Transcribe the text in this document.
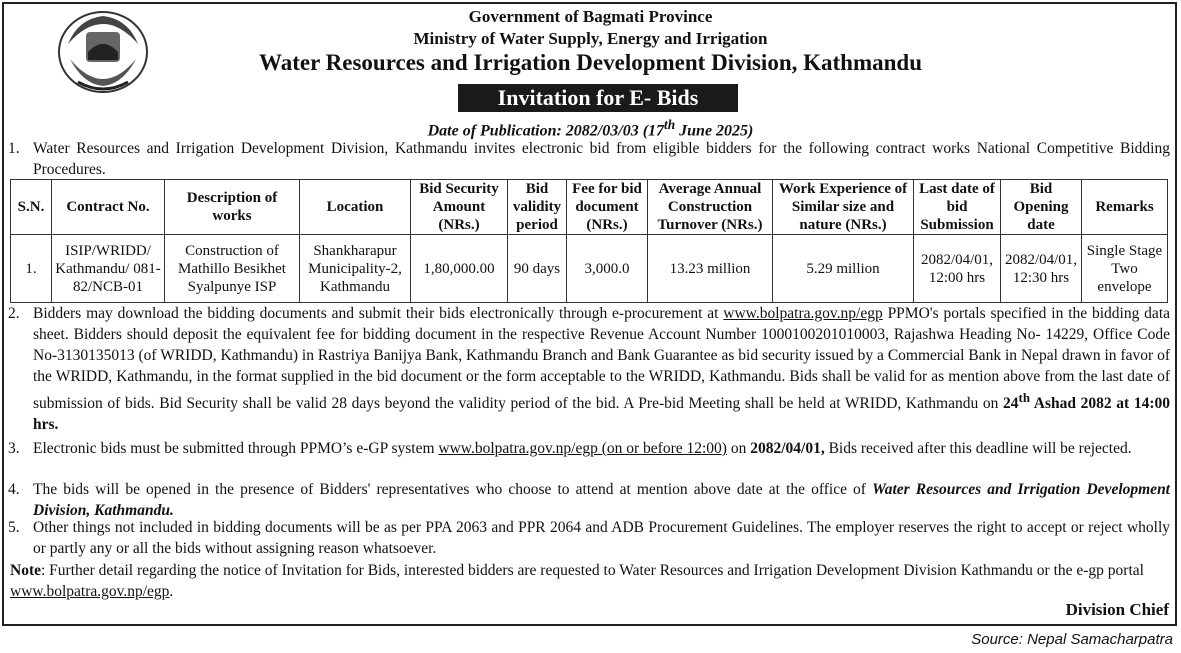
Government of Bagmati Province
Ministry of Water Supply, Energy and Irrigation
Water Resources and Irrigation Development Division, Kathmandu
Invitation for E- Bids
Date of Publication: 2082/03/03 (17th June 2025)
1. Water Resources and Irrigation Development Division, Kathmandu invites electronic bid from eligible bidders for the following contract works National Competitive Bidding Procedures.
S.N.	Contract No.	Description of works	Location	Bid Security Amount (NRs.)	Bid validity period	Fee for bid document (NRs.)	Average Annual Construction Turnover (NRs.)	Work Experience of Similar size and nature (NRs.)	Last date of bid Submission	Bid Opening date	Remarks
1.	ISIP/WRIDD/ Kathmandu/ 081-82/NCB-01	Construction of Mathillo Besikhet Syalpunye ISP	Shankharapur Municipality-2, Kathmandu	1,80,000.00	90 days	3,000.0	13.23 million	5.29 million	2082/04/01, 12:00 hrs	2082/04/01, 12:30 hrs	Single Stage Two envelope
2. Bidders may download the bidding documents and submit their bids electronically through e-procurement at www.bolpatra.gov.np/egp PPMO's portals specified in the bidding data sheet. Bidders should deposit the equivalent fee for bidding document in the respective Revenue Account Number 1000100201010003, Rajashwa Heading No- 14229, Office Code No-3130135013 (of WRIDD, Kathmandu) in Rastriya Banijya Bank, Kathmandu Branch and Bank Guarantee as bid security issued by a Commercial Bank in Nepal drawn in favor of the WRIDD, Kathmandu, in the format supplied in the bid document or the form acceptable to the WRIDD, Kathmandu. Bids shall be valid for as mention above from the last date of submission of bids. Bid Security shall be valid 28 days beyond the validity period of the bid. A Pre-bid Meeting shall be held at WRIDD, Kathmandu on 24th Ashad 2082 at 14:00 hrs.
3. Electronic bids must be submitted through PPMO’s e-GP system www.bolpatra.gov.np/egp (on or before 12:00) on 2082/04/01, Bids received after this deadline will be rejected.
4. The bids will be opened in the presence of Bidders' representatives who choose to attend at mention above date at the office of Water Resources and Irrigation Development Division, Kathmandu.
5. Other things not included in bidding documents will be as per PPA 2063 and PPR 2064 and ADB Procurement Guidelines. The employer reserves the right to accept or reject wholly or partly any or all the bids without assigning reason whatsoever.
Note: Further detail regarding the notice of Invitation for Bids, interested bidders are requested to Water Resources and Irrigation Development Division Kathmandu or the e-gp portal www.bolpatra.gov.np/egp.
Division Chief
Source: Nepal Samacharpatra
